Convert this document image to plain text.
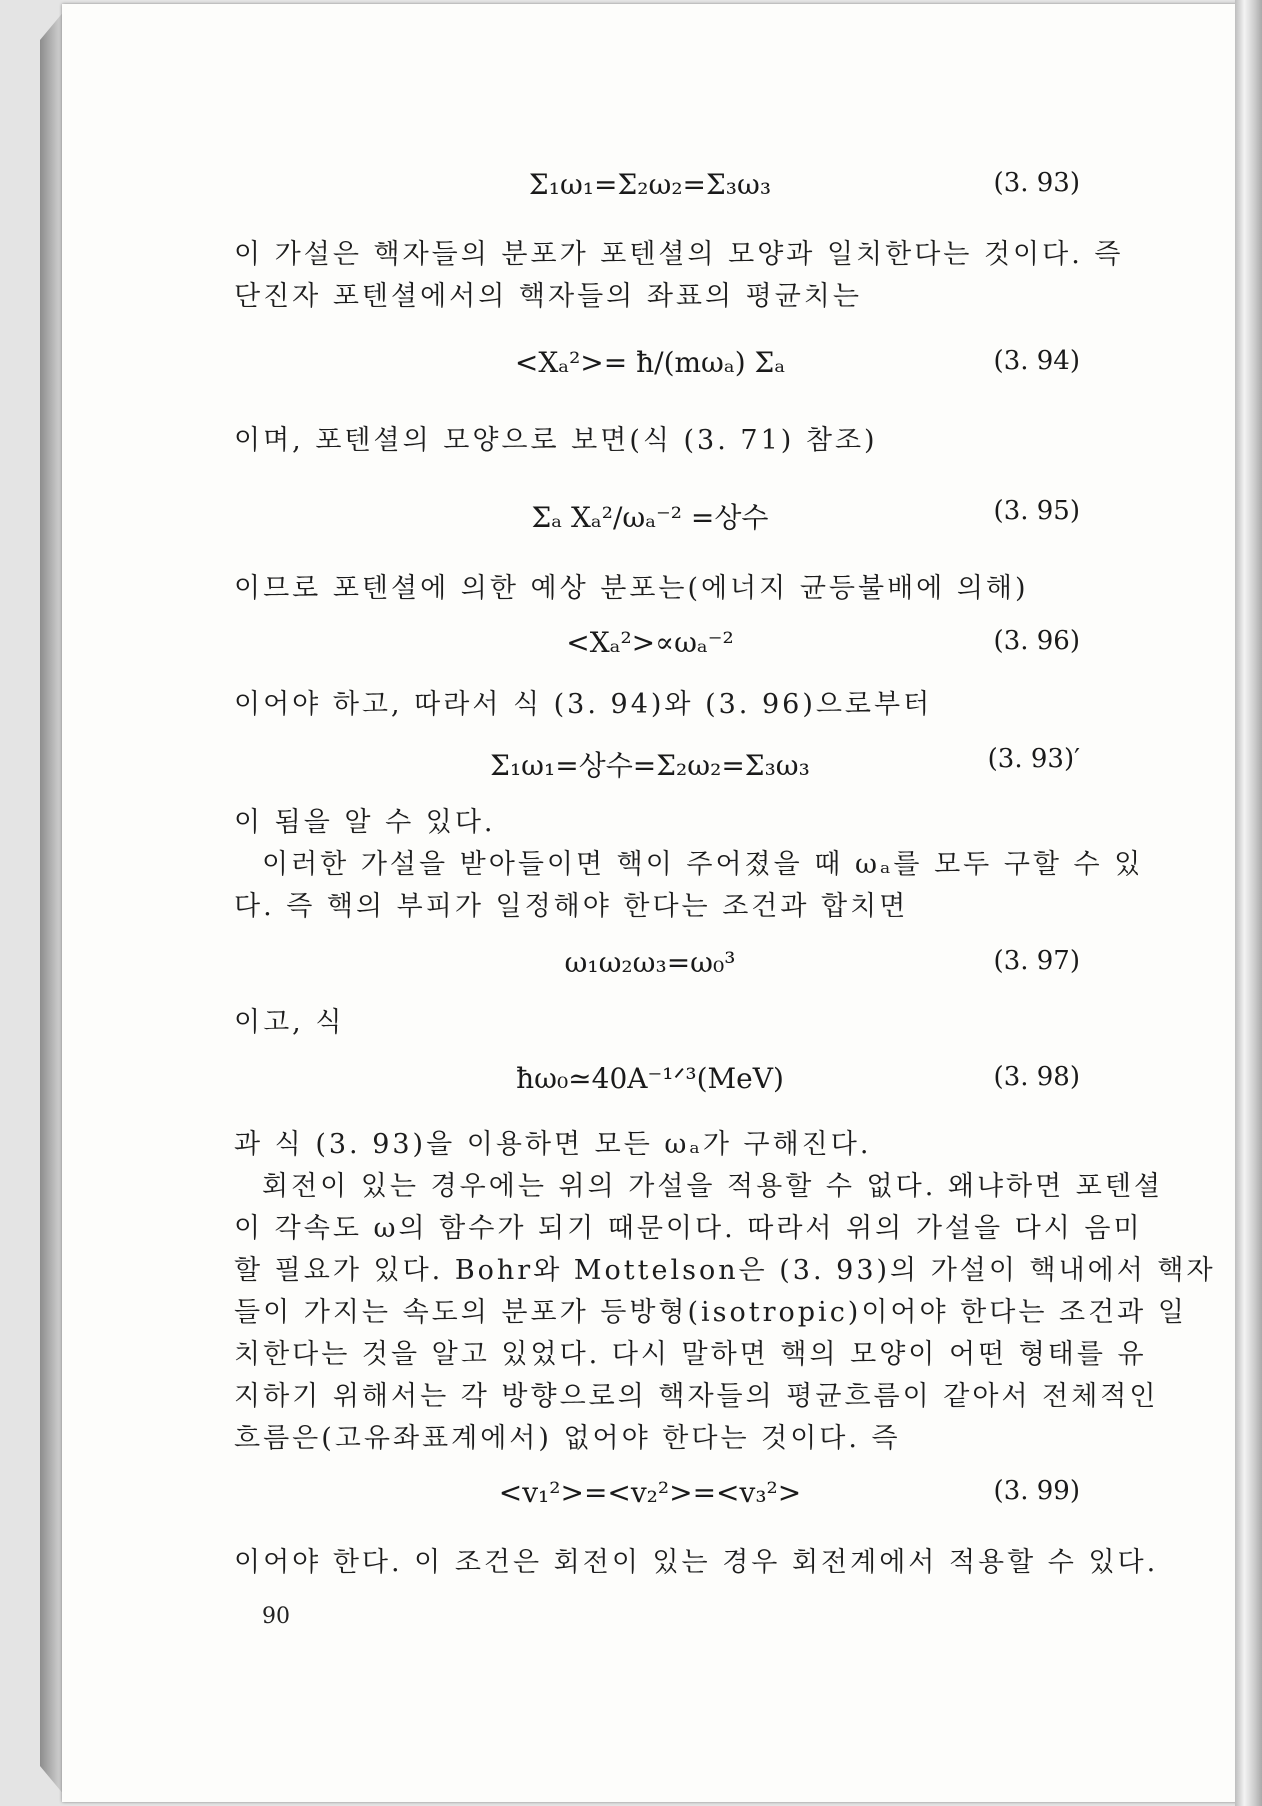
Σ₁ω₁=Σ₂ω₂=Σ₃ω₃	(3. 93)
이 가설은 핵자들의 분포가 포텐셜의 모양과 일치한다는 것이다. 즉
단진자 포텐셜에서의 핵자들의 좌표의 평균치는
<Xₐ²>= ħ/(mωₐ) Σₐ	(3. 94)
이며, 포텐셜의 모양으로 보면(식 (3. 71) 참조)
Σₐ Xₐ²/ωₐ⁻² =상수	(3. 95)
이므로 포텐셜에 의한 예상 분포는(에너지 균등불배에 의해)
<Xₐ²>∝ωₐ⁻²	(3. 96)
이어야 하고, 따라서 식 (3. 94)와 (3. 96)으로부터
Σ₁ω₁=상수=Σ₂ω₂=Σ₃ω₃	(3. 93)′
이 됨을 알 수 있다.
이러한 가설을 받아들이면 핵이 주어졌을 때 ωₐ를 모두 구할 수 있
다. 즉 핵의 부피가 일정해야 한다는 조건과 합치면
ω₁ω₂ω₃=ω₀³	(3. 97)
이고, 식
ħω₀≃40A⁻¹ᐟ³(MeV)	(3. 98)
과 식 (3. 93)을 이용하면 모든 ωₐ가 구해진다.
회전이 있는 경우에는 위의 가설을 적용할 수 없다. 왜냐하면 포텐셜
이 각속도 ω의 함수가 되기 때문이다. 따라서 위의 가설을 다시 음미
할 필요가 있다. Bohr와 Mottelson은 (3. 93)의 가설이 핵내에서 핵자
들이 가지는 속도의 분포가 등방형(isotropic)이어야 한다는 조건과 일
치한다는 것을 알고 있었다. 다시 말하면 핵의 모양이 어떤 형태를 유
지하기 위해서는 각 방향으로의 핵자들의 평균흐름이 같아서 전체적인
흐름은(고유좌표계에서) 없어야 한다는 것이다. 즉
<v₁²>=<v₂²>=<v₃²>	(3. 99)
이어야 한다. 이 조건은 회전이 있는 경우 회전계에서 적용할 수 있다.
90
